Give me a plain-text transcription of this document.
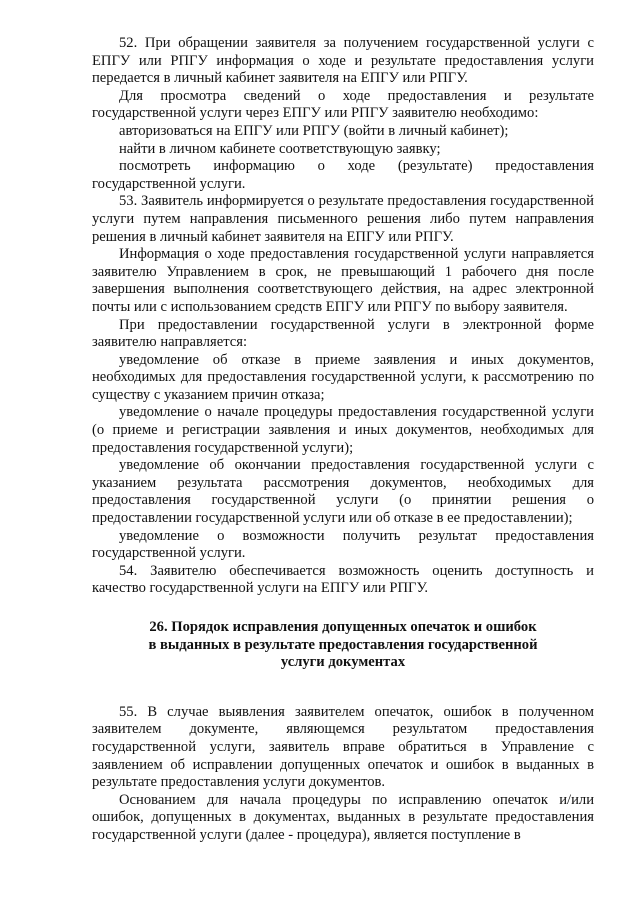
52. При обращении заявителя за получением государственной услуги с ЕПГУ или РПГУ информация о ходе и результате предоставления услуги передается в личный кабинет заявителя на ЕПГУ или РПГУ.

Для просмотра сведений о ходе предоставления и результате государственной услуги через ЕПГУ или РПГУ заявителю необходимо:

авторизоваться на ЕПГУ или РПГУ (войти в личный кабинет);

найти в личном кабинете соответствующую заявку;

посмотреть информацию о ходе (результате) предоставления государственной услуги.

53. Заявитель информируется о результате предоставления государственной услуги путем направления письменного решения либо путем направления решения в личный кабинет заявителя на ЕПГУ или РПГУ.

Информация о ходе предоставления государственной услуги направляется заявителю Управлением в срок, не превышающий 1 рабочего дня после завершения выполнения соответствующего действия, на адрес электронной почты или с использованием средств ЕПГУ или РПГУ по выбору заявителя.

При предоставлении государственной услуги в электронной форме заявителю направляется:

уведомление об отказе в приеме заявления и иных документов, необходимых для предоставления государственной услуги, к рассмотрению по существу с указанием причин отказа;

уведомление о начале процедуры предоставления государственной услуги (о приеме и регистрации заявления и иных документов, необходимых для предоставления государственной услуги);

уведомление об окончании предоставления государственной услуги с указанием результата рассмотрения документов, необходимых для предоставления государственной услуги (о принятии решения о предоставлении государственной услуги или об отказе в ее предоставлении);

уведомление о возможности получить результат предоставления государственной услуги.

54. Заявителю обеспечивается возможность оценить доступность и качество государственной услуги на ЕПГУ или РПГУ.

26. Порядок исправления допущенных опечаток и ошибок
в выданных в результате предоставления государственной
услуги документах

55. В случае выявления заявителем опечаток, ошибок в полученном заявителем документе, являющемся результатом предоставления государственной услуги, заявитель вправе обратиться в Управление с заявлением об исправлении допущенных опечаток и ошибок в выданных в результате предоставления услуги документов.

Основанием для начала процедуры по исправлению опечаток и/или ошибок, допущенных в документах, выданных в результате предоставления государственной услуги (далее - процедура), является поступление в
